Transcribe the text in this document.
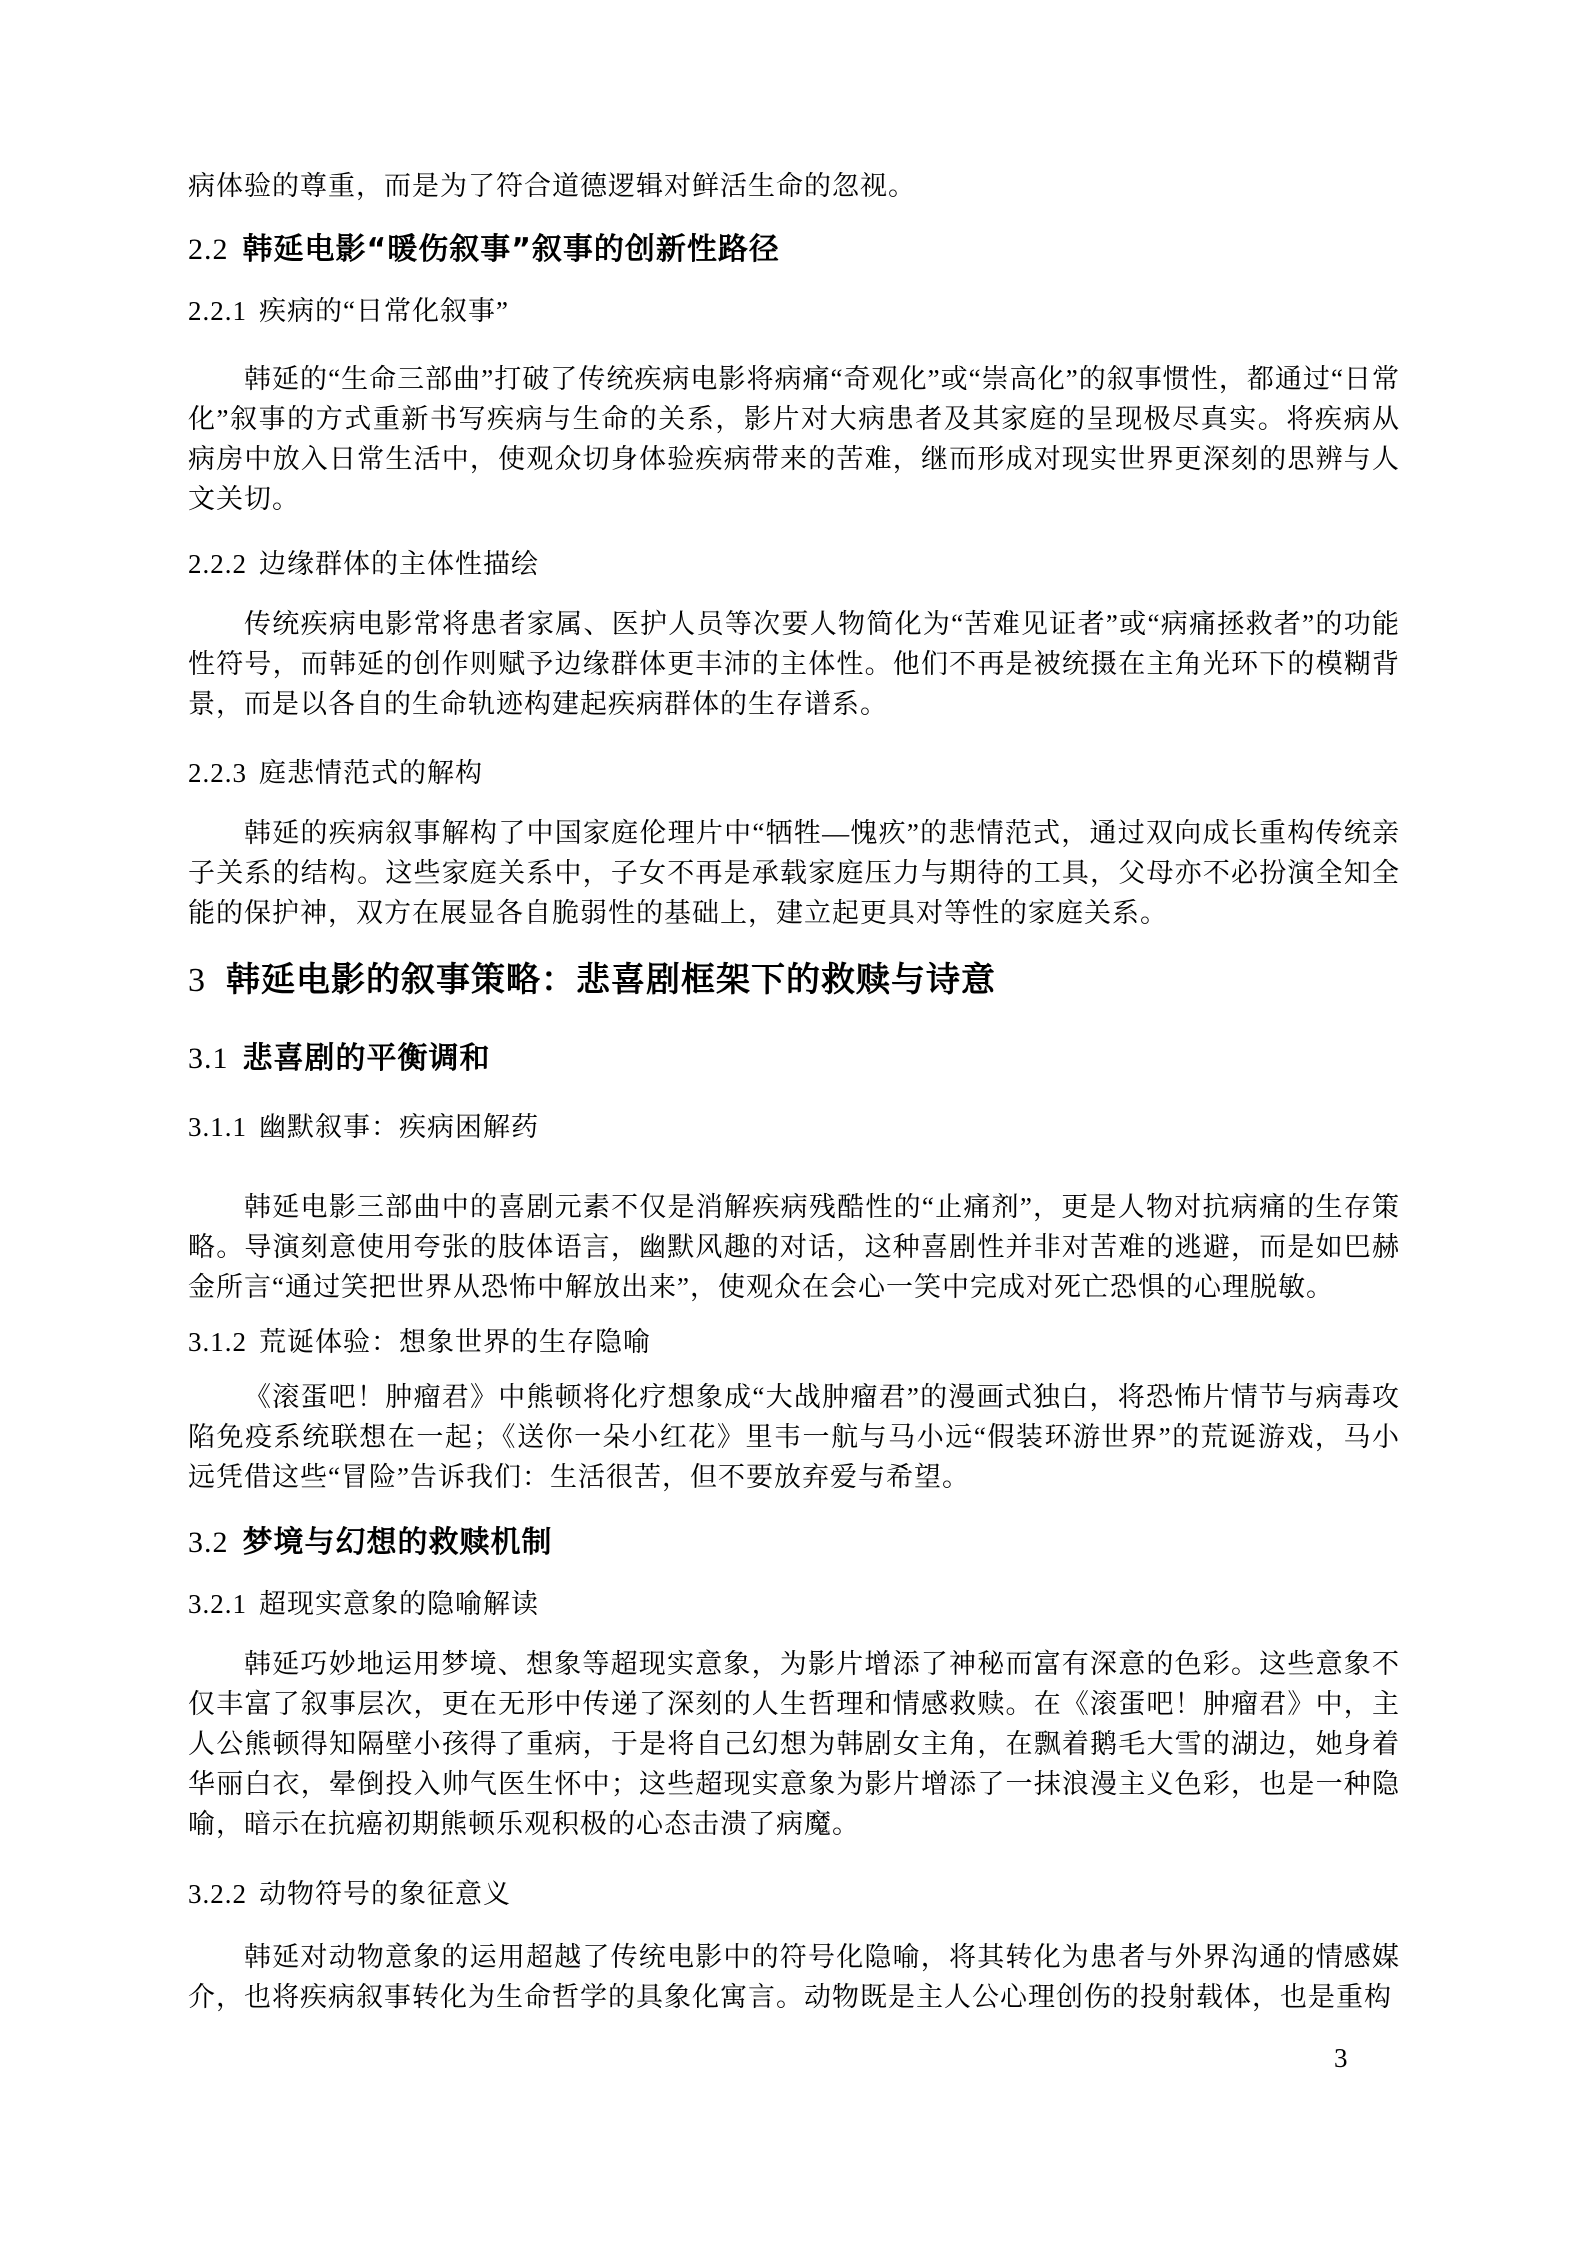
病体验的尊重，而是为了符合道德逻辑对鲜活生命的忽视。

2.2 韩延电影“暖伤叙事”叙事的创新性路径

2.2.1 疾病的“日常化叙事”

韩延的“生命三部曲”打破了传统疾病电影将病痛“奇观化”或“崇高化”的叙事惯性，都通过“日常化”叙事的方式重新书写疾病与生命的关系，影片对大病患者及其家庭的呈现极尽真实。将疾病从病房中放入日常生活中，使观众切身体验疾病带来的苦难，继而形成对现实世界更深刻的思辨与人文关切。

2.2.2 边缘群体的主体性描绘

传统疾病电影常将患者家属、医护人员等次要人物简化为“苦难见证者”或“病痛拯救者”的功能性符号，而韩延的创作则赋予边缘群体更丰沛的主体性。他们不再是被统摄在主角光环下的模糊背景，而是以各自的生命轨迹构建起疾病群体的生存谱系。

2.2.3 庭悲情范式的解构

韩延的疾病叙事解构了中国家庭伦理片中“牺牲—愧疚”的悲情范式，通过双向成长重构传统亲子关系的结构。这些家庭关系中，子女不再是承载家庭压力与期待的工具，父母亦不必扮演全知全能的保护神，双方在展显各自脆弱性的基础上，建立起更具对等性的家庭关系。

3 韩延电影的叙事策略：悲喜剧框架下的救赎与诗意
3.1 悲喜剧的平衡调和

3.1.1 幽默叙事：疾病困解药

韩延电影三部曲中的喜剧元素不仅是消解疾病残酷性的“止痛剂”，更是人物对抗病痛的生存策略。导演刻意使用夸张的肢体语言，幽默风趣的对话，这种喜剧性并非对苦难的逃避，而是如巴赫金所言“通过笑把世界从恐怖中解放出来”，使观众在会心一笑中完成对死亡恐惧的心理脱敏。

3.1.2 荒诞体验：想象世界的生存隐喻

《滚蛋吧！肿瘤君》中熊顿将化疗想象成“大战肿瘤君”的漫画式独白，将恐怖片情节与病毒攻陷免疫系统联想在一起；《送你一朵小红花》里韦一航与马小远“假装环游世界”的荒诞游戏，马小远凭借这些“冒险”告诉我们：生活很苦，但不要放弃爱与希望。

3.2 梦境与幻想的救赎机制

3.2.1 超现实意象的隐喻解读

韩延巧妙地运用梦境、想象等超现实意象，为影片增添了神秘而富有深意的色彩。这些意象不仅丰富了叙事层次，更在无形中传递了深刻的人生哲理和情感救赎。在《滚蛋吧！肿瘤君》中，主人公熊顿得知隔壁小孩得了重病，于是将自己幻想为韩剧女主角，在飘着鹅毛大雪的湖边，她身着华丽白衣，晕倒投入帅气医生怀中；这些超现实意象为影片增添了一抹浪漫主义色彩，也是一种隐喻，暗示在抗癌初期熊顿乐观积极的心态击溃了病魔。

3.2.2 动物符号的象征意义

韩延对动物意象的运用超越了传统电影中的符号化隐喻，将其转化为患者与外界沟通的情感媒介，也将疾病叙事转化为生命哲学的具象化寓言。动物既是主人公心理创伤的投射载体，也是重构

3
